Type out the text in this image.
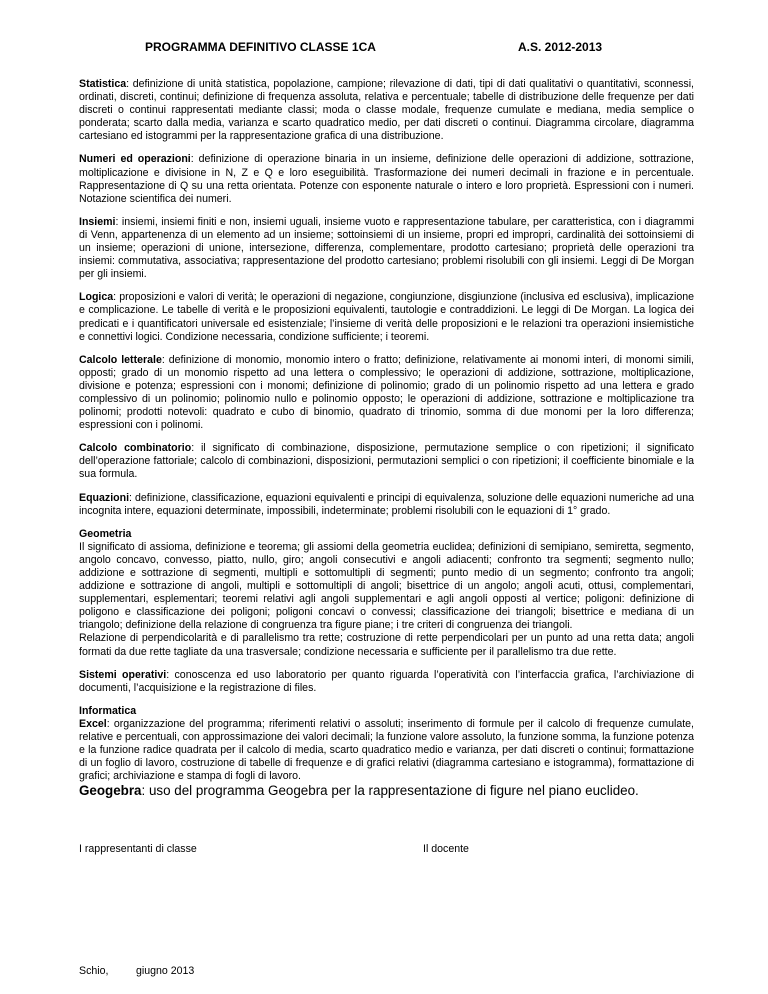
PROGRAMMA DEFINITIVO CLASSE 1CA	A.S. 2012-2013

Statistica: definizione di unità statistica, popolazione, campione; rilevazione di dati, tipi di dati qualitativi o quantitativi, sconnessi, ordinati, discreti, continui; definizione di frequenza assoluta, relativa e percentuale; tabelle di distribuzione delle frequenze per dati discreti o continui rappresentati mediante classi; moda o classe modale, frequenze cumulate e mediana, media semplice o ponderata; scarto dalla media, varianza e scarto quadratico medio, per dati discreti o continui. Diagramma circolare, diagramma cartesiano ed istogrammi per la rappresentazione grafica di una distribuzione.

Numeri ed operazioni: definizione di operazione binaria in un insieme, definizione delle operazioni di addizione, sottrazione, moltiplicazione e divisione in N, Z e Q e loro eseguibilità. Trasformazione dei numeri decimali in frazione e in percentuale. Rappresentazione di Q su una retta orientata. Potenze con esponente naturale o intero e loro proprietà. Espressioni con i numeri. Notazione scientifica dei numeri.

Insiemi: insiemi, insiemi finiti e non, insiemi uguali, insieme vuoto e rappresentazione tabulare, per caratteristica, con i diagrammi di Venn, appartenenza di un elemento ad un insieme; sottoinsiemi di un insieme, propri ed impropri, cardinalità dei sottoinsiemi di un insieme; operazioni di unione, intersezione, differenza, complementare, prodotto cartesiano; proprietà delle operazioni tra insiemi: commutativa, associativa; rappresentazione del prodotto cartesiano; problemi risolubili con gli insiemi. Leggi di De Morgan per gli insiemi.

Logica: proposizioni e valori di verità; le operazioni di negazione, congiunzione, disgiunzione (inclusiva ed esclusiva), implicazione e complicazione. Le tabelle di verità e le proposizioni equivalenti, tautologie e contraddizioni. Le leggi di De Morgan. La logica dei predicati e i quantificatori universale ed esistenziale; l’insieme di verità delle proposizioni e le relazioni tra operazioni insiemistiche e connettivi logici. Condizione necessaria, condizione sufficiente; i teoremi.

Calcolo letterale: definizione di monomio, monomio intero o fratto; definizione, relativamente ai monomi interi, di monomi simili, opposti; grado di un monomio rispetto ad una lettera o complessivo; le operazioni di addizione, sottrazione, moltiplicazione, divisione e potenza; espressioni con i monomi; definizione di polinomio; grado di un polinomio rispetto ad una lettera e grado complessivo di un polinomio; polinomio nullo e polinomio opposto; le operazioni di addizione, sottrazione e moltiplicazione tra polinomi; prodotti notevoli: quadrato e cubo di binomio, quadrato di trinomio, somma di due monomi per la loro differenza; espressioni con i polinomi.

Calcolo combinatorio: il significato di combinazione, disposizione, permutazione semplice o con ripetizioni; il significato dell’operazione fattoriale; calcolo di combinazioni, disposizioni, permutazioni semplici o con ripetizioni; il coefficiente binomiale e la sua formula.

Equazioni: definizione, classificazione, equazioni equivalenti e principi di equivalenza, soluzione delle equazioni numeriche ad una incognita intere, equazioni determinate, impossibili, indeterminate; problemi risolubili con le equazioni di 1° grado.

Geometria
Il significato di assioma, definizione e teorema; gli assiomi della geometria euclidea; definizioni di semipiano, semiretta, segmento, angolo concavo, convesso, piatto, nullo, giro; angoli consecutivi e angoli adiacenti; confronto tra segmenti; segmento nullo; addizione e sottrazione di segmenti, multipli e sottomultipli di segmenti; punto medio di un segmento; confronto tra angoli; addizione e sottrazione di angoli, multipli e sottomultipli di angoli; bisettrice di un angolo; angoli acuti, ottusi, complementari, supplementari, esplementari; teoremi relativi agli angoli supplementari e agli angoli opposti al vertice; poligoni: definizione di poligono e classificazione dei poligoni; poligoni concavi o convessi; classificazione dei triangoli; bisettrice e mediana di un triangolo; definizione della relazione di congruenza tra figure piane; i tre criteri di congruenza dei triangoli.
Relazione di perpendicolarità e di parallelismo tra rette; costruzione di rette perpendicolari per un punto ad una retta data; angoli formati da due rette tagliate da una trasversale; condizione necessaria e sufficiente per il parallelismo tra due rette.

Sistemi operativi: conoscenza ed uso laboratorio per quanto riguarda l’operatività con l’interfaccia grafica, l’archiviazione di documenti, l’acquisizione e la registrazione di files.

Informatica
Excel: organizzazione del programma; riferimenti relativi o assoluti; inserimento di formule per il calcolo di frequenze cumulate, relative e percentuali, con approssimazione dei valori decimali; la funzione valore assoluto, la funzione somma, la funzione potenza e la funzione radice quadrata per il calcolo di media, scarto quadratico medio e varianza, per dati discreti o continui; formattazione di un foglio di lavoro, costruzione di tabelle di frequenze e di grafici relativi (diagramma cartesiano e istogramma), formattazione di grafici; archiviazione e stampa di fogli di lavoro.

Geogebra: uso del programma Geogebra per la rappresentazione di figure nel piano euclideo.

I rappresentanti di classe	Il docente
Schio,	giugno 2013
